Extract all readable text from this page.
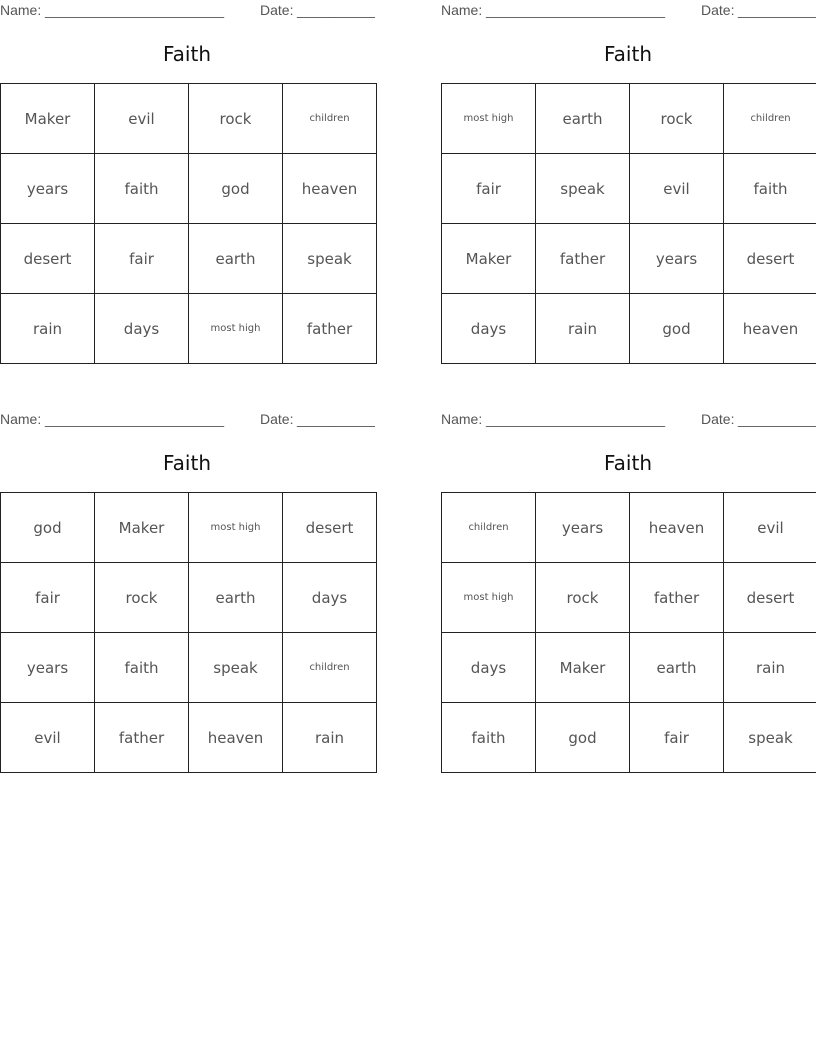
Name: _______________________	Date: __________
Faith
Maker	evil	rock	children
years	faith	god	heaven
desert	fair	earth	speak
rain	days	most high	father
Name: _______________________	Date: __________
Faith
most high	earth	rock	children
fair	speak	evil	faith
Maker	father	years	desert
days	rain	god	heaven
Name: _______________________	Date: __________
Faith
god	Maker	most high	desert
fair	rock	earth	days
years	faith	speak	children
evil	father	heaven	rain
Name: _______________________	Date: __________
Faith
children	years	heaven	evil
most high	rock	father	desert
days	Maker	earth	rain
faith	god	fair	speak
